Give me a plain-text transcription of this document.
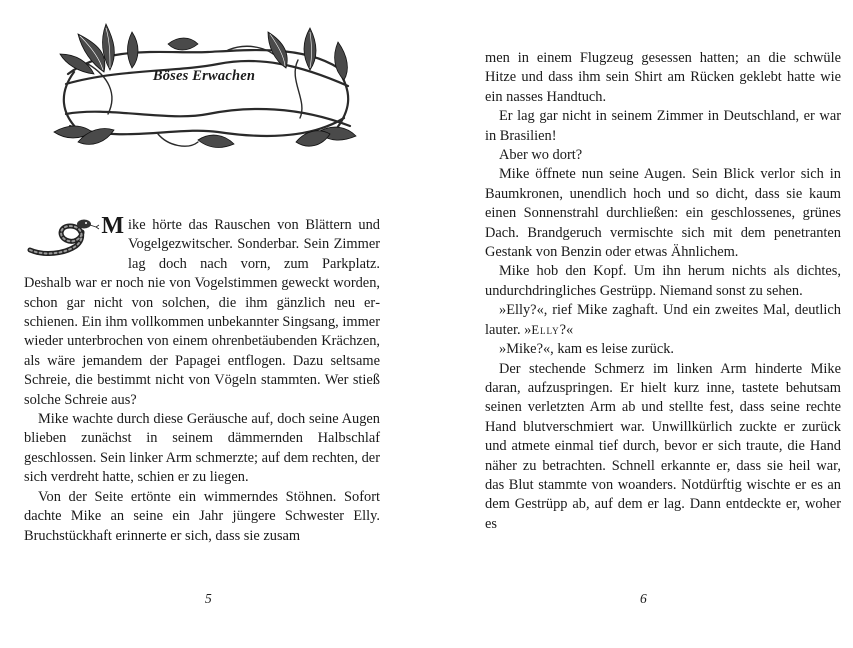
Böses Erwachen

M ike hörte das Rauschen von Blättern und Vogelgezwitscher. Sonderbar. Sein Zimmer lag doch nach vorn, zum Parkplatz. Deshalb war er noch nie von Vogelstimmen geweckt worden, schon gar nicht von solchen, die ihm gänzlich neu erschienen. Ein ihm vollkommen unbekannter Singsang, immer wieder unterbrochen von einem ohrenbetäubenden Krächzen, als wäre jemandem der Papagei entflogen. Dazu seltsame Schreie, die bestimmt nicht von Vögeln stammten. Wer stieß solche Schreie aus?

Mike wachte durch diese Geräusche auf, doch seine Augen blieben zunächst in seinem dämmernden Halbschlaf geschlossen. Sein linker Arm schmerzte; auf dem rechten, der sich verdreht hatte, schien er zu liegen.

Von der Seite ertönte ein wimmerndes Stöhnen. Sofort dachte Mike an seine ein Jahr jüngere Schwester Elly. Bruchstückhaft erinnerte er sich, dass sie zusam

5

men in einem Flugzeug gesessen hatten; an die schwüle Hitze und dass ihm sein Shirt am Rücken geklebt hatte wie ein nasses Handtuch.

Er lag gar nicht in seinem Zimmer in Deutschland, er war in Brasilien!

Aber wo dort?

Mike öffnete nun seine Augen. Sein Blick verlor sich in Baumkronen, unendlich hoch und so dicht, dass sie kaum einen Sonnenstrahl durchließen: ein geschlossenes, grünes Dach. Brandgeruch vermischte sich mit dem penetranten Gestank von Benzin oder etwas Ähnlichem.

Mike hob den Kopf. Um ihn herum nichts als dichtes, undurchdringliches Gestrüpp. Niemand sonst zu sehen.

»Elly?«, rief Mike zaghaft. Und ein zweites Mal, deutlich lauter. »Elly?«

»Mike?«, kam es leise zurück.

Der stechende Schmerz im linken Arm hinderte Mike daran, aufzuspringen. Er hielt kurz inne, tastete behutsam seinen verletzten Arm ab und stellte fest, dass seine rechte Hand blutverschmiert war. Unwillkürlich zuckte er zurück und atmete einmal tief durch, bevor er sich traute, die Hand näher zu betrachten. Schnell erkannte er, dass sie heil war, das Blut stammte von woanders. Notdürftig wischte er es an dem Gestrüpp ab, auf dem er lag. Dann entdeckte er, woher es

6
